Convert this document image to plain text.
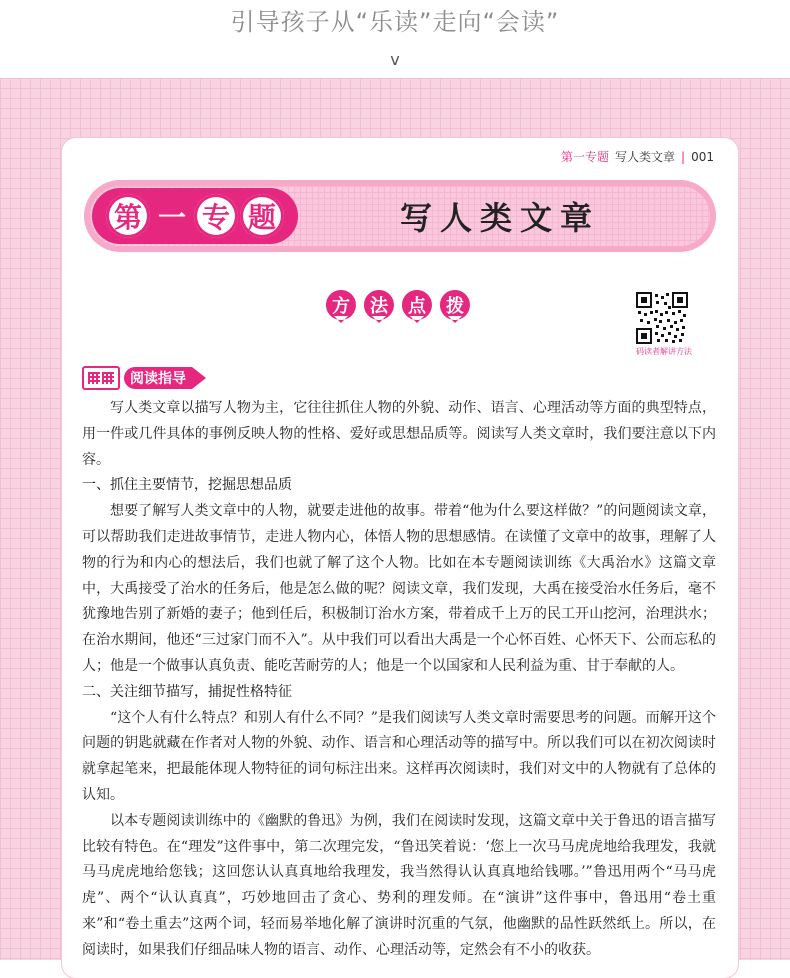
引导孩子从“乐读”走向“会读”
v
第一专题 写人类文章 | 001
第 一 专 题	写人类文章
方	法	点	拨
码读者解讲方法
阅读指导

写人类文章以描写人物为主，它往往抓住人物的外貌、动作、语言、心理活动等方面的典型特点，用一件或几件具体的事例反映人物的性格、爱好或思想品质等。阅读写人类文章时，我们要注意以下内容。

一、抓住主要情节，挖掘思想品质

想要了解写人类文章中的人物，就要走进他的故事。带着“他为什么要这样做？”的问题阅读文章，可以帮助我们走进故事情节，走进人物内心，体悟人物的思想感情。在读懂了文章中的故事，理解了人物的行为和内心的想法后，我们也就了解了这个人物。比如在本专题阅读训练《大禹治水》这篇文章中，大禹接受了治水的任务后，他是怎么做的呢？阅读文章，我们发现，大禹在接受治水任务后，毫不犹豫地告别了新婚的妻子；他到任后，积极制订治水方案，带着成千上万的民工开山挖河，治理洪水；在治水期间，他还“三过家门而不入”。从中我们可以看出大禹是一个心怀百姓、心怀天下、公而忘私的人；他是一个做事认真负责、能吃苦耐劳的人；他是一个以国家和人民利益为重、甘于奉献的人。

二、关注细节描写，捕捉性格特征

“这个人有什么特点？和别人有什么不同？”是我们阅读写人类文章时需要思考的问题。而解开这个问题的钥匙就藏在作者对人物的外貌、动作、语言和心理活动等的描写中。所以我们可以在初次阅读时就拿起笔来，把最能体现人物特征的词句标注出来。这样再次阅读时，我们对文中的人物就有了总体的认知。

以本专题阅读训练中的《幽默的鲁迅》为例，我们在阅读时发现，这篇文章中关于鲁迅的语言描写比较有特色。在“理发”这件事中，第二次理完发，“鲁迅笑着说：‘您上一次马马虎虎地给我理发，我就马马虎虎地给您钱；这回您认认真真地给我理发，我当然得认认真真地给钱哪。’”鲁迅用两个“马马虎虎”、两个“认认真真”，巧妙地回击了贪心、势利的理发师。在“演讲”这件事中，鲁迅用“卷土重来”和“卷土重去”这两个词，轻而易举地化解了演讲时沉重的气氛，他幽默的品性跃然纸上。所以，在阅读时，如果我们仔细品味人物的语言、动作、心理活动等，定然会有不小的收获。
